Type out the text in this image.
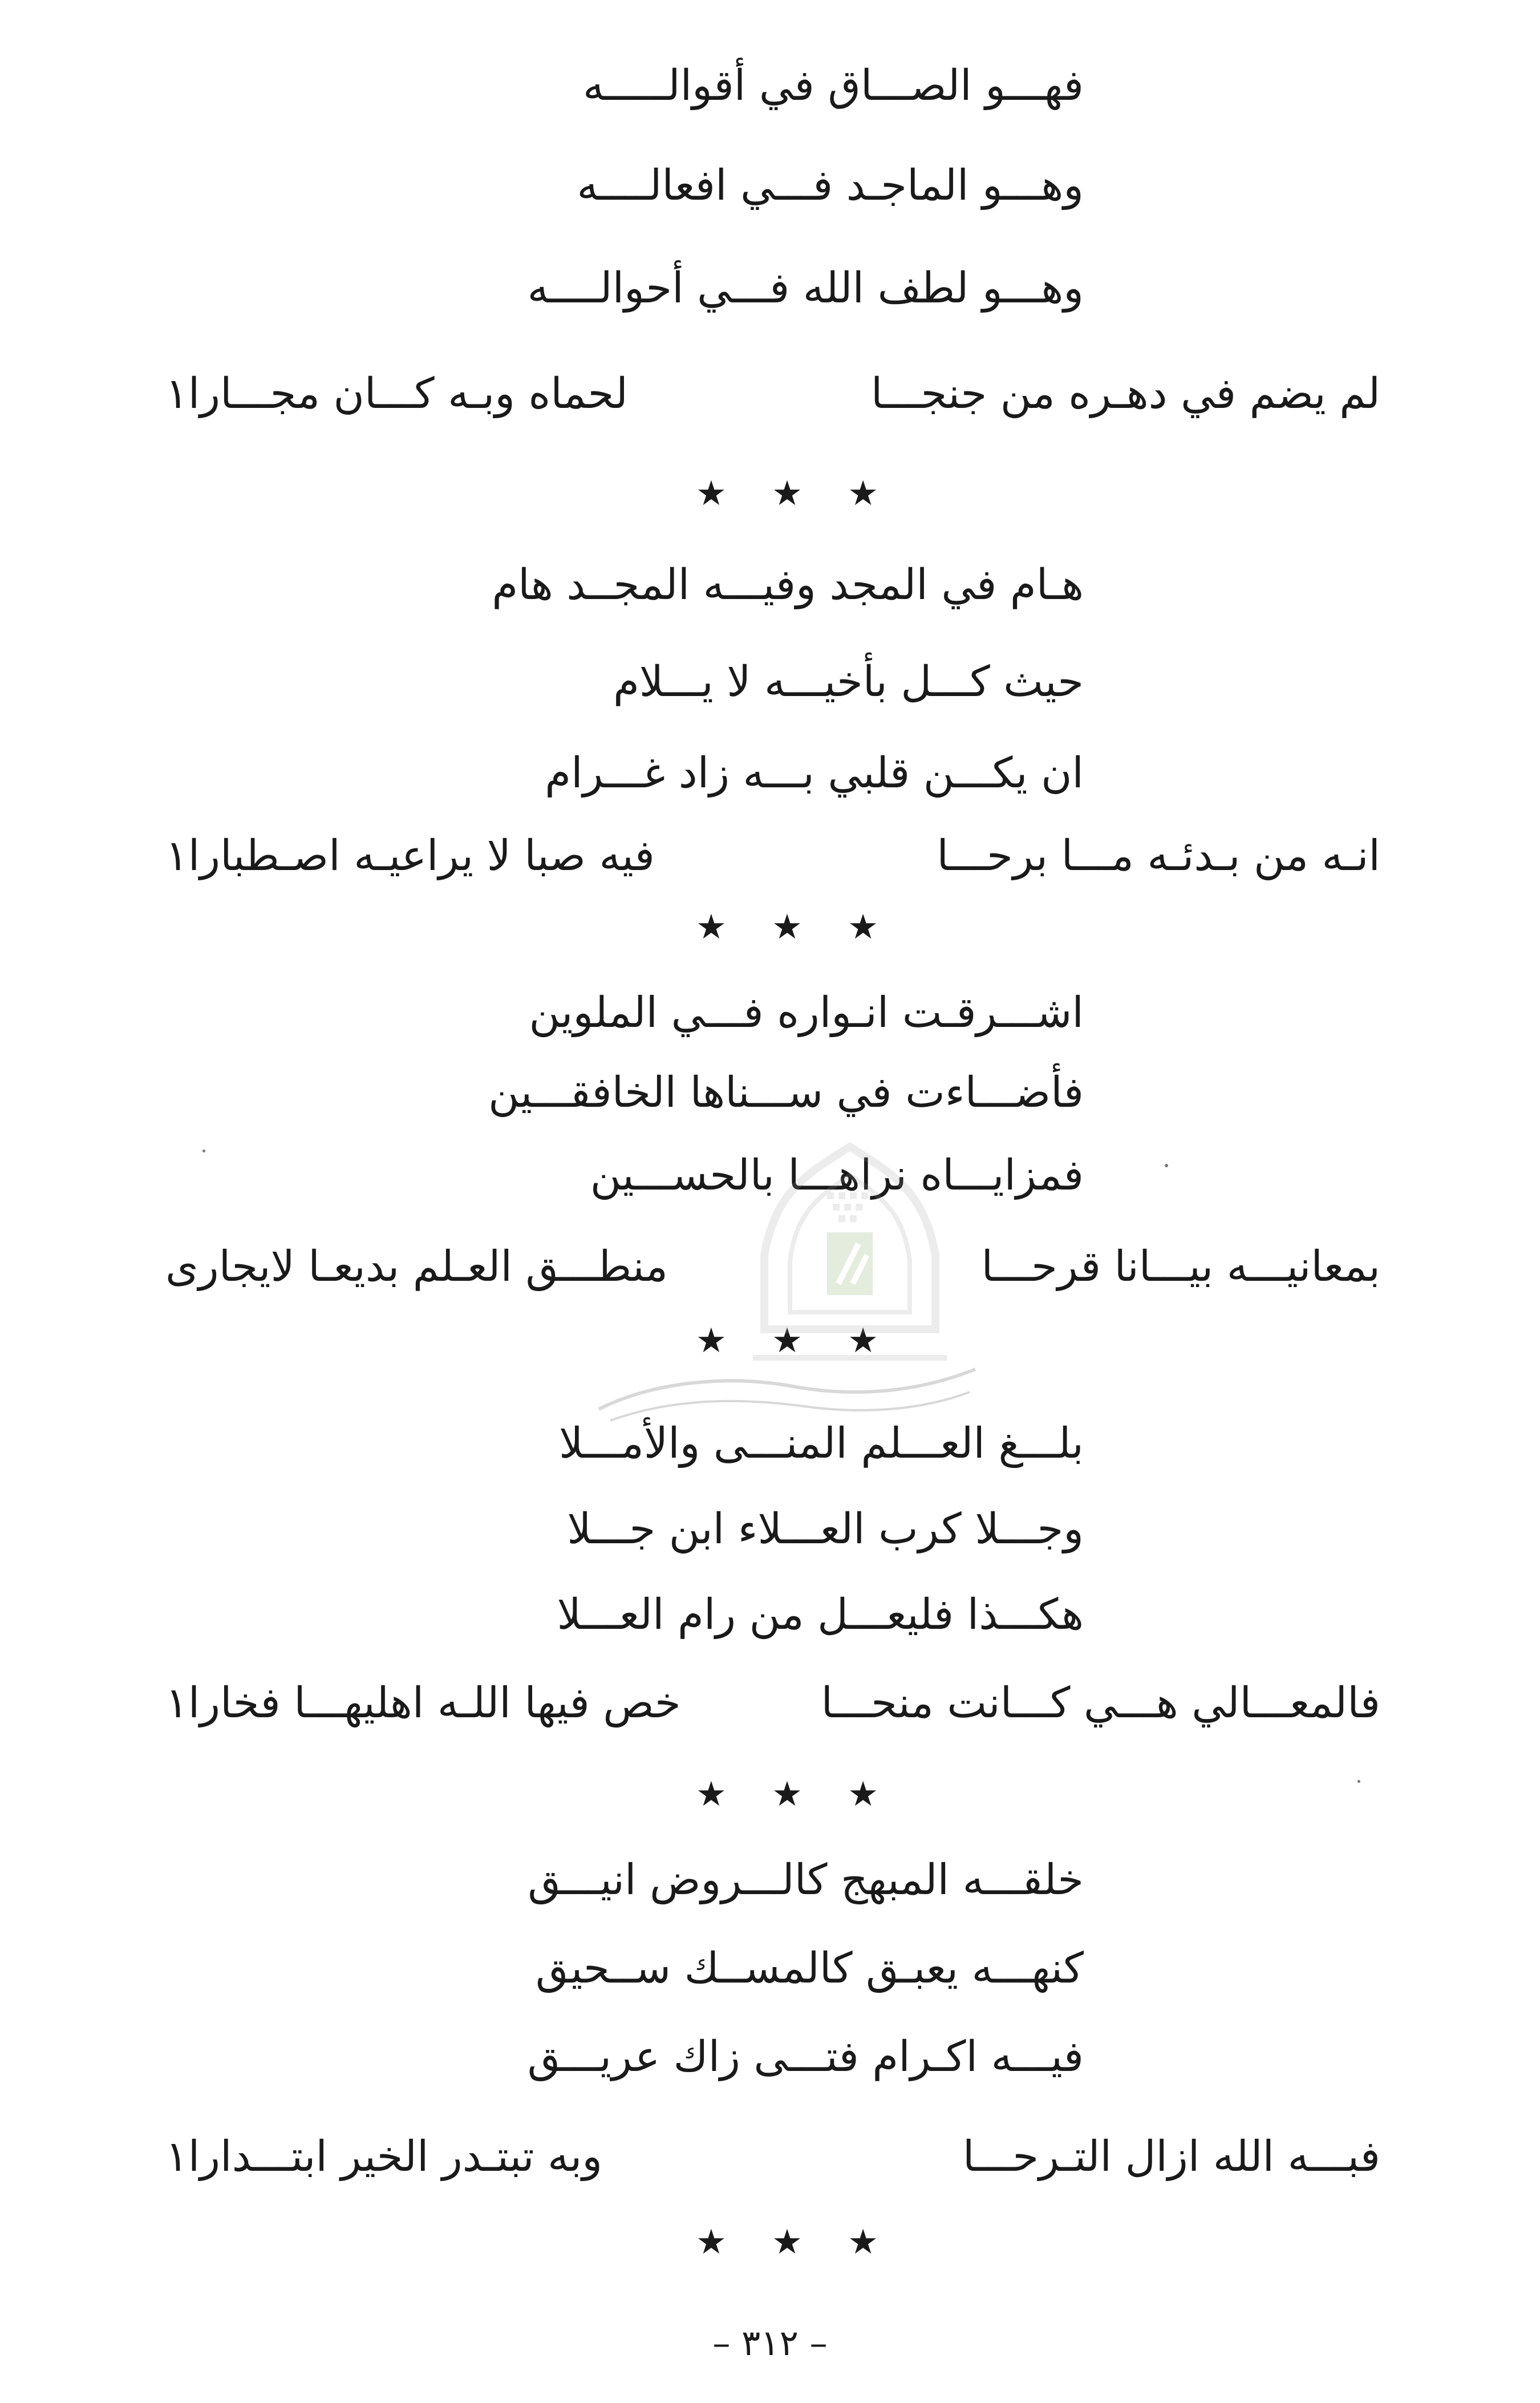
فهـــو الصـــاق في أقوالـــــه
وهـــو الماجـد فـــي افعالــــه
وهـــو لطف الله فـــي أحوالــــه
لم يضم في دهـره من جنجـــا
لحماه وبـه كـــان مجـــارا١
★ ★ ★
هـام في المجد وفيـــه المجــد هام
حيث كـــل بأخيـــه لا يـــلام
ان يكـــن قلبي بـــه زاد غـــرام
انـه من بـدئـه مـــا برحـــا
فيه صبا لا يراعيـه اصـطبارا١
★ ★ ★
اشـــرقـت انـواره فـــي الملوين
فأضـــاءت في ســـناها الخافقـــين
فمزايـــاه نراهـــا بالحســـين
بمعانيـــه بيـــانا قرحـــا
منطـــق العـلم بديعـا لايجارى
★ ★ ★
بلـــغ العـــلم المنـــى والأمـــلا
وجـــلا كرب العـــلاء ابن جـــلا
هكـــذا فليعـــل من رام العـــلا
فالمعـــالي هـــي كـــانت منحـــا
خص فيها اللـه اهليهـــا فخارا١
★ ★ ★
خلقـــه المبهج كالـــروض انيـــق
كنهـــه يعبـق كالمســك ســحيق
فيـــه اكـرام فتـــى زاك عريـــق
فبـــه الله ازال التـرحـــا
وبه تبتـدر الخير ابتـــدارا١
★ ★ ★
– ٣١٢ –
